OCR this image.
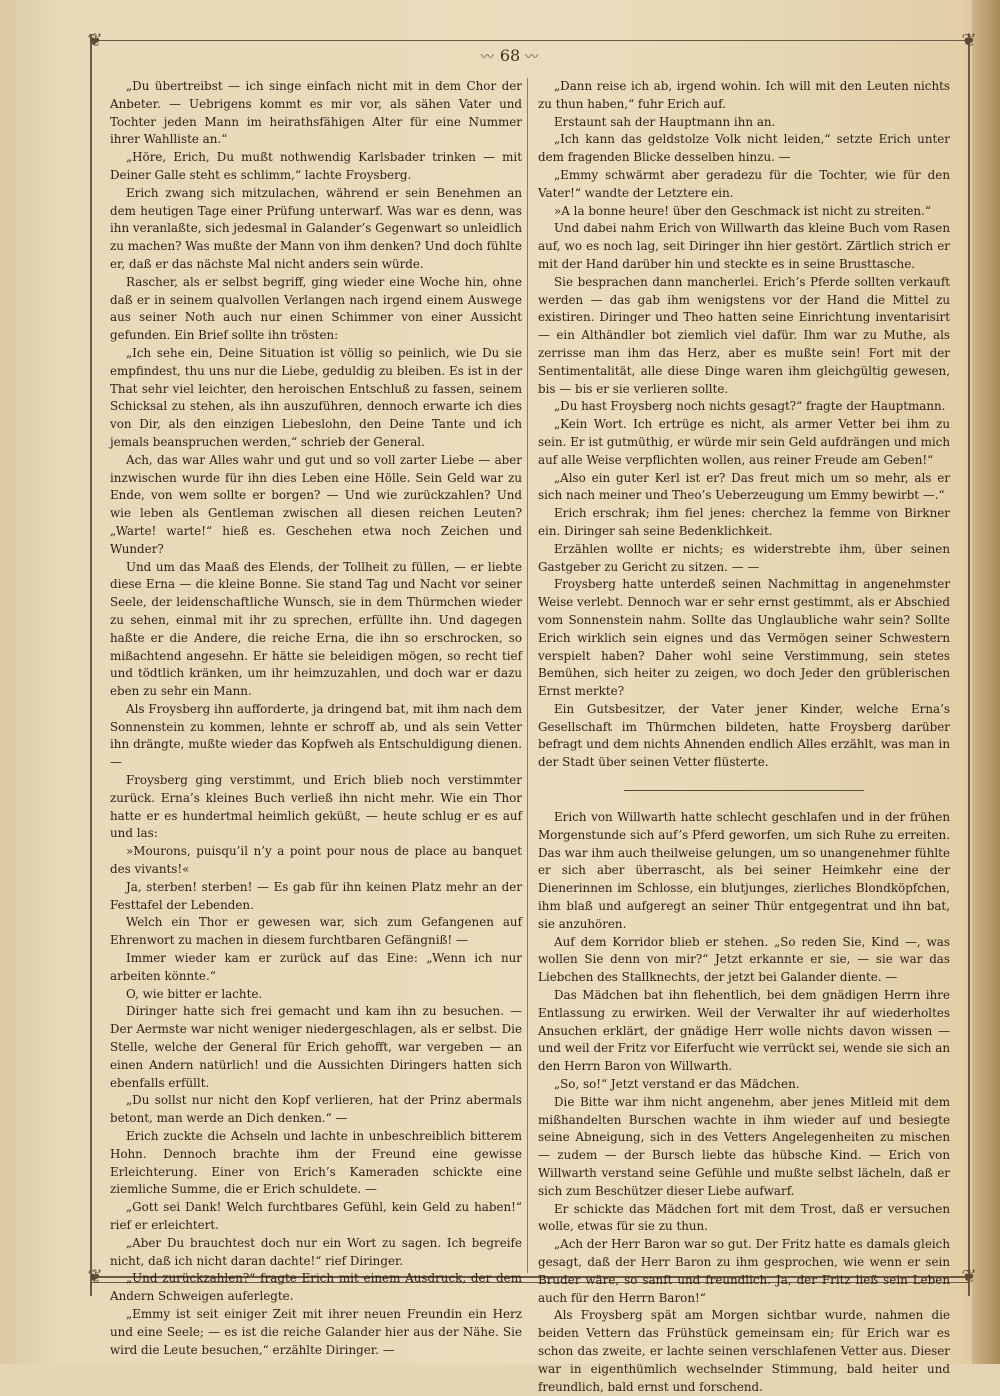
❦	❦
❦	❦
〰 68 〰

„Du übertreibst — ich singe einfach nicht mit in dem Chor der Anbeter. — Uebrigens kommt es mir vor, als sähen Vater und Tochter jeden Mann im heirathsfähigen Alter für eine Nummer ihrer Wahlliste an.“

„Höre, Erich, Du mußt nothwendig Karlsbader trinken — mit Deiner Galle steht es schlimm,“ lachte Froysberg.

Erich zwang sich mitzulachen, während er sein Benehmen an dem heutigen Tage einer Prüfung unterwarf. Was war es denn, was ihn veranlaßte, sich jedesmal in Galander’s Gegenwart so unleidlich zu machen? Was mußte der Mann von ihm denken? Und doch fühlte er, daß er das nächste Mal nicht anders sein würde.

Rascher, als er selbst begriff, ging wieder eine Woche hin, ohne daß er in seinem qualvollen Verlangen nach irgend einem Auswege aus seiner Noth auch nur einen Schimmer von einer Aussicht gefunden. Ein Brief sollte ihn trösten:

„Ich sehe ein, Deine Situation ist völlig so peinlich, wie Du sie empfindest, thu uns nur die Liebe, geduldig zu bleiben. Es ist in der That sehr viel leichter, den heroischen Entschluß zu fassen, seinem Schicksal zu stehen, als ihn auszuführen, dennoch erwarte ich dies von Dir, als den einzigen Liebeslohn, den Deine Tante und ich jemals beanspruchen werden,“ schrieb der General.

Ach, das war Alles wahr und gut und so voll zarter Liebe — aber inzwischen wurde für ihn dies Leben eine Hölle. Sein Geld war zu Ende, von wem sollte er borgen? — Und wie zurückzahlen? Und wie leben als Gentleman zwischen all diesen reichen Leuten? „Warte! warte!“ hieß es. Geschehen etwa noch Zeichen und Wunder?

Und um das Maaß des Elends, der Tollheit zu füllen, — er liebte diese Erna — die kleine Bonne. Sie stand Tag und Nacht vor seiner Seele, der leidenschaftliche Wunsch, sie in dem Thürmchen wieder zu sehen, einmal mit ihr zu sprechen, erfüllte ihn. Und dagegen haßte er die Andere, die reiche Erna, die ihn so erschrocken, so mißachtend angesehn. Er hätte sie beleidigen mögen, so recht tief und tödtlich kränken, um ihr heimzuzahlen, und doch war er dazu eben zu sehr ein Mann.

Als Froysberg ihn aufforderte, ja dringend bat, mit ihm nach dem Sonnenstein zu kommen, lehnte er schroff ab, und als sein Vetter ihn drängte, mußte wieder das Kopfweh als Entschuldigung dienen. —

Froysberg ging verstimmt, und Erich blieb noch verstimmter zurück. Erna’s kleines Buch verließ ihn nicht mehr. Wie ein Thor hatte er es hundertmal heimlich geküßt, — heute schlug er es auf und las:

»Mourons, puisqu’il n’y a point pour nous de place au banquet des vivants!«

Ja, sterben! sterben! — Es gab für ihn keinen Platz mehr an der Festtafel der Lebenden.

Welch ein Thor er gewesen war, sich zum Gefangenen auf Ehrenwort zu machen in diesem furchtbaren Gefängniß! —

Immer wieder kam er zurück auf das Eine: „Wenn ich nur arbeiten könnte.“

O, wie bitter er lachte.

Diringer hatte sich frei gemacht und kam ihn zu besuchen. — Der Aermste war nicht weniger niedergeschlagen, als er selbst. Die Stelle, welche der General für Erich gehofft, war vergeben — an einen Andern natürlich! und die Aussichten Diringers hatten sich ebenfalls erfüllt.

„Du sollst nur nicht den Kopf verlieren, hat der Prinz abermals betont, man werde an Dich denken.“ —

Erich zuckte die Achseln und lachte in unbeschreiblich bitterem Hohn. Dennoch brachte ihm der Freund eine gewisse Erleichterung. Einer von Erich’s Kameraden schickte eine ziemliche Summe, die er Erich schuldete. —

„Gott sei Dank! Welch furchtbares Gefühl, kein Geld zu haben!“ rief er erleichtert.

„Aber Du brauchtest doch nur ein Wort zu sagen. Ich begreife nicht, daß ich nicht daran dachte!“ rief Diringer.

„Und zurückzahlen?“ fragte Erich mit einem Ausdruck, der dem Andern Schweigen auferlegte.

„Emmy ist seit einiger Zeit mit ihrer neuen Freundin ein Herz und eine Seele; — es ist die reiche Galander hier aus der Nähe. Sie wird die Leute besuchen,“ erzählte Diringer. —

„Dann reise ich ab, irgend wohin. Ich will mit den Leuten nichts zu thun haben,“ fuhr Erich auf.

Erstaunt sah der Hauptmann ihn an.

„Ich kann das geldstolze Volk nicht leiden,“ setzte Erich unter dem fragenden Blicke desselben hinzu. —

„Emmy schwärmt aber geradezu für die Tochter, wie für den Vater!“ wandte der Letztere ein.

»A la bonne heure! über den Geschmack ist nicht zu streiten.“

Und dabei nahm Erich von Willwarth das kleine Buch vom Rasen auf, wo es noch lag, seit Diringer ihn hier gestört. Zärtlich strich er mit der Hand darüber hin und steckte es in seine Brusttasche.

Sie besprachen dann mancherlei. Erich’s Pferde sollten verkauft werden — das gab ihm wenigstens vor der Hand die Mittel zu existiren. Diringer und Theo hatten seine Einrichtung inventarisirt — ein Althändler bot ziemlich viel dafür. Ihm war zu Muthe, als zerrisse man ihm das Herz, aber es mußte sein! Fort mit der Sentimentalität, alle diese Dinge waren ihm gleichgültig gewesen, bis — bis er sie verlieren sollte.

„Du hast Froysberg noch nichts gesagt?“ fragte der Hauptmann.

„Kein Wort. Ich ertrüge es nicht, als armer Vetter bei ihm zu sein. Er ist gutmüthig, er würde mir sein Geld aufdrängen und mich auf alle Weise verpflichten wollen, aus reiner Freude am Geben!“

„Also ein guter Kerl ist er? Das freut mich um so mehr, als er sich nach meiner und Theo’s Ueberzeugung um Emmy bewirbt —.“

Erich erschrak; ihm fiel jenes: cherchez la femme von Birkner ein. Diringer sah seine Bedenklichkeit.

Erzählen wollte er nichts; es widerstrebte ihm, über seinen Gastgeber zu Gericht zu sitzen. — —

Froysberg hatte unterdeß seinen Nachmittag in angenehmster Weise verlebt. Dennoch war er sehr ernst gestimmt, als er Abschied vom Sonnenstein nahm. Sollte das Unglaubliche wahr sein? Sollte Erich wirklich sein eignes und das Vermögen seiner Schwestern verspielt haben? Daher wohl seine Verstimmung, sein stetes Bemühen, sich heiter zu zeigen, wo doch Jeder den grüblerischen Ernst merkte?

Ein Gutsbesitzer, der Vater jener Kinder, welche Erna’s Gesellschaft im Thürmchen bildeten, hatte Froysberg darüber befragt und dem nichts Ahnenden endlich Alles erzählt, was man in der Stadt über seinen Vetter flüsterte.

Erich von Willwarth hatte schlecht geschlafen und in der frühen Morgenstunde sich auf’s Pferd geworfen, um sich Ruhe zu erreiten. Das war ihm auch theilweise gelungen, um so unangenehmer fühlte er sich aber überrascht, als bei seiner Heimkehr eine der Dienerinnen im Schlosse, ein blutjunges, zierliches Blondköpfchen, ihm blaß und aufgeregt an seiner Thür entgegentrat und ihn bat, sie anzuhören.

Auf dem Korridor blieb er stehen. „So reden Sie, Kind —, was wollen Sie denn von mir?“ Jetzt erkannte er sie, — sie war das Liebchen des Stallknechts, der jetzt bei Galander diente. —

Das Mädchen bat ihn flehentlich, bei dem gnädigen Herrn ihre Entlassung zu erwirken. Weil der Verwalter ihr auf wiederholtes Ansuchen erklärt, der gnädige Herr wolle nichts davon wissen — und weil der Fritz vor Eiferfucht wie verrückt sei, wende sie sich an den Herrn Baron von Willwarth.

„So, so!“ Jetzt verstand er das Mädchen.

Die Bitte war ihm nicht angenehm, aber jenes Mitleid mit dem mißhandelten Burschen wachte in ihm wieder auf und besiegte seine Abneigung, sich in des Vetters Angelegenheiten zu mischen — zudem — der Bursch liebte das hübsche Kind. — Erich von Willwarth verstand seine Gefühle und mußte selbst lächeln, daß er sich zum Beschützer dieser Liebe aufwarf.

Er schickte das Mädchen fort mit dem Trost, daß er versuchen wolle, etwas für sie zu thun.

„Ach der Herr Baron war so gut. Der Fritz hatte es damals gleich gesagt, daß der Herr Baron zu ihm gesprochen, wie wenn er sein Bruder wäre, so sanft und freundlich. Ja, der Fritz ließ sein Leben auch für den Herrn Baron!“

Als Froysberg spät am Morgen sichtbar wurde, nahmen die beiden Vettern das Frühstück gemeinsam ein; für Erich war es schon das zweite, er lachte seinen verschlafenen Vetter aus. Dieser war in eigenthümlich wechselnder Stimmung, bald heiter und freundlich, bald ernst und forschend.
